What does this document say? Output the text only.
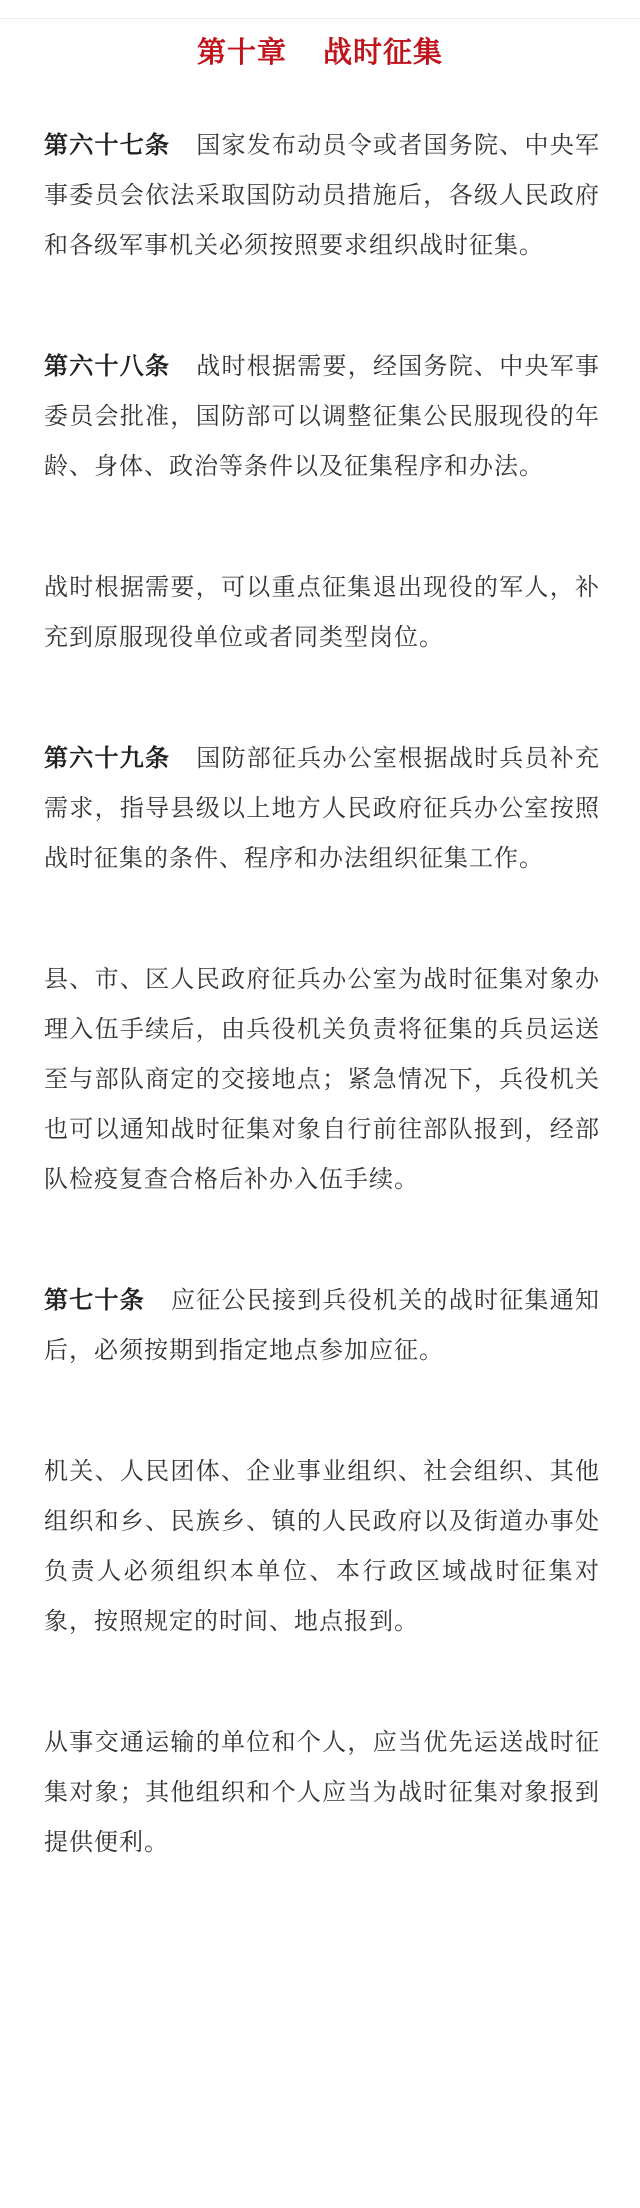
第十章 战时征集

第六十七条 国家发布动员令或者国务院、中央军事委员会依法采取国防动员措施后，各级人民政府和各级军事机关必须按照要求组织战时征集。

第六十八条 战时根据需要，经国务院、中央军事委员会批准，国防部可以调整征集公民服现役的年龄、身体、政治等条件以及征集程序和办法。

战时根据需要，可以重点征集退出现役的军人，补充到原服现役单位或者同类型岗位。

第六十九条 国防部征兵办公室根据战时兵员补充需求，指导县级以上地方人民政府征兵办公室按照战时征集的条件、程序和办法组织征集工作。

县、市、区人民政府征兵办公室为战时征集对象办理入伍手续后，由兵役机关负责将征集的兵员运送至与部队商定的交接地点；紧急情况下，兵役机关也可以通知战时征集对象自行前往部队报到，经部队检疫复查合格后补办入伍手续。

第七十条 应征公民接到兵役机关的战时征集通知后，必须按期到指定地点参加应征。

机关、人民团体、企业事业组织、社会组织、其他组织和乡、民族乡、镇的人民政府以及街道办事处负责人必须组织本单位、本行政区域战时征集对象，按照规定的时间、地点报到。

从事交通运输的单位和个人，应当优先运送战时征集对象；其他组织和个人应当为战时征集对象报到提供便利。
